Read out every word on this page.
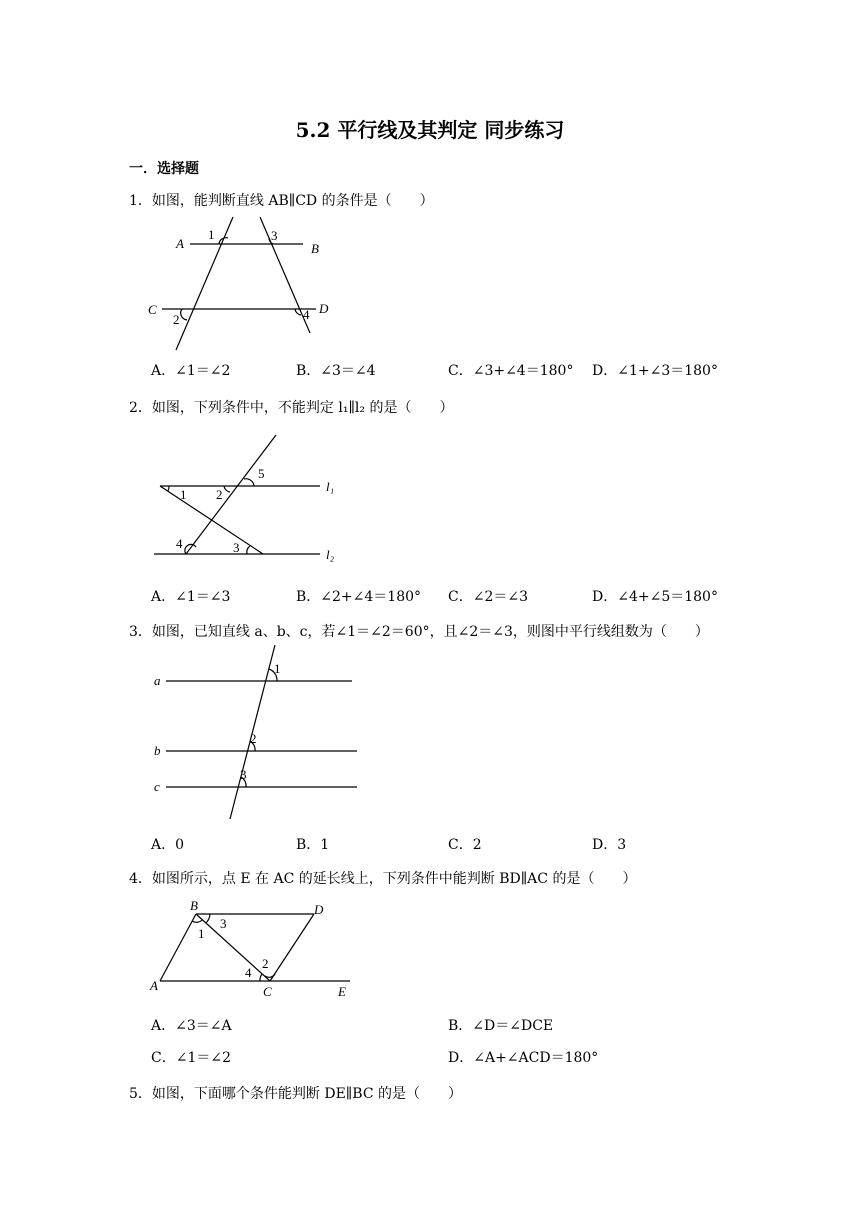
5.2 平行线及其判定 同步练习
一．选择题
1．如图，能判断直线 AB∥CD 的条件是（　　）
A	B
C	D
1
2
3
4
A．∠1＝∠2	B．∠3＝∠4	C．∠3+∠4＝180° D．∠1+∠3＝180°
2．如图，下列条件中，不能判定 l₁∥l₂ 的是（　　）
1 2
3
4
5
l₁
l₂
A．∠1＝∠3	B．∠2+∠4＝180° C．∠2＝∠3	D．∠4+∠5＝180°
3．如图，已知直线 a、b、c，若∠1＝∠2＝60°，且∠2＝∠3，则图中平行线组数为（　　）
a
b
c
1
2
3
A．0	B．1	C．2	D．3
4．如图所示，点 E 在 AC 的延长线上，下列条件中能判断 BD∥AC 的是（　　）
A
B
C
D
E
1
2
3
4
A．∠3＝∠A	B．∠D＝∠DCE
C．∠1＝∠2	D．∠A+∠ACD＝180°
5．如图，下面哪个条件能判断 DE∥BC 的是（　　）
